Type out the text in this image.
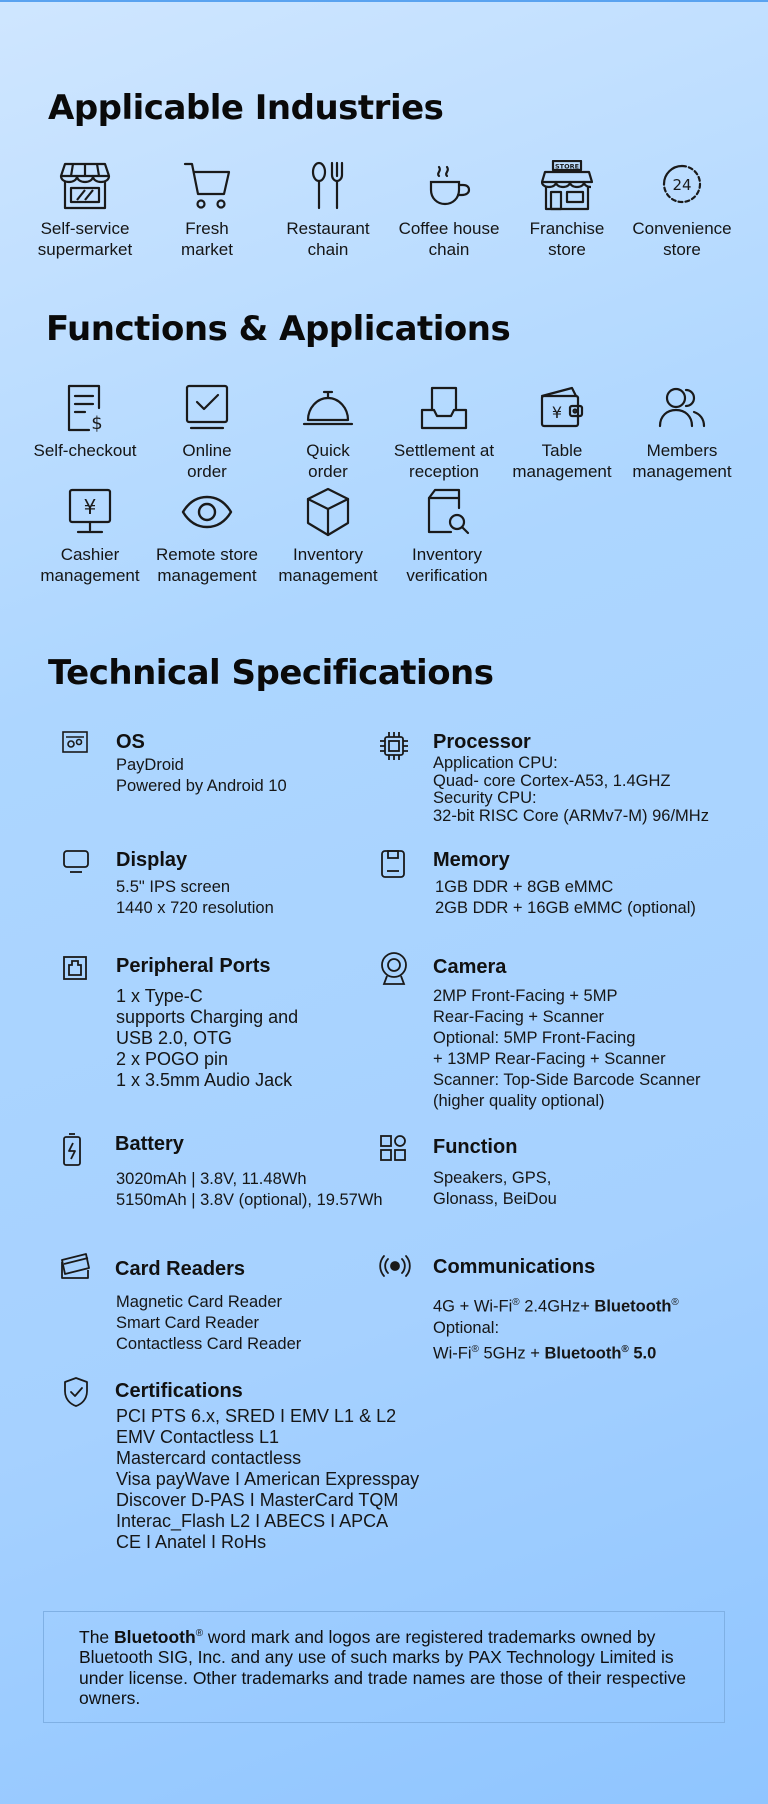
Applicable Industries
Self-service
supermarket
Fresh
market
Restaurant
chain
Coffee house
chain
STORE
Franchise
store
24
Convenience
store
Functions & Applications
$
Self-checkout	Online
order
Quick
order
Settlement at
reception
¥
Table
management
Members
management
¥
Cashier
management
Remote store
management
Inventory
management
Inventory
verification
Technical Specifications
OS
PayDroid
Powered by Android 10
Processor
Application CPU:
Quad- core Cortex-A53, 1.4GHZ
Security CPU:
32-bit RISC Core (ARMv7-M) 96/MHz
Display
5.5" IPS screen
1440 x 720 resolution
Memory
1GB DDR + 8GB eMMC
2GB DDR + 16GB eMMC (optional)
Peripheral Ports
1 x Type-C
supports Charging and
USB 2.0, OTG
2 x POGO pin
1 x 3.5mm Audio Jack
Camera
2MP Front-Facing + 5MP
Rear-Facing + Scanner
Optional: 5MP Front-Facing
+ 13MP Rear-Facing + Scanner
Scanner: Top-Side Barcode Scanner
(higher quality optional)
Battery
3020mAh | 3.8V, 11.48Wh
5150mAh | 3.8V (optional), 19.57Wh
Function
Speakers, GPS,
Glonass, BeiDou
Card Readers
Magnetic Card Reader
Smart Card Reader
Contactless Card Reader
Communications
4G + Wi-Fi® 2.4GHz+ Bluetooth®
Optional:
Wi-Fi® 5GHz + Bluetooth® 5.0
Certifications
PCI PTS 6.x, SRED I EMV L1 & L2
EMV Contactless L1
Mastercard contactless
Visa payWave I American Expresspay
Discover D-PAS I MasterCard TQM
Interac_Flash L2 I ABECS I APCA
CE I Anatel I RoHs
The Bluetooth® word mark and logos are registered trademarks owned by Bluetooth SIG, Inc. and any use of such marks by PAX Technology Limited is under license. Other trademarks and trade names are those of their respective owners.
